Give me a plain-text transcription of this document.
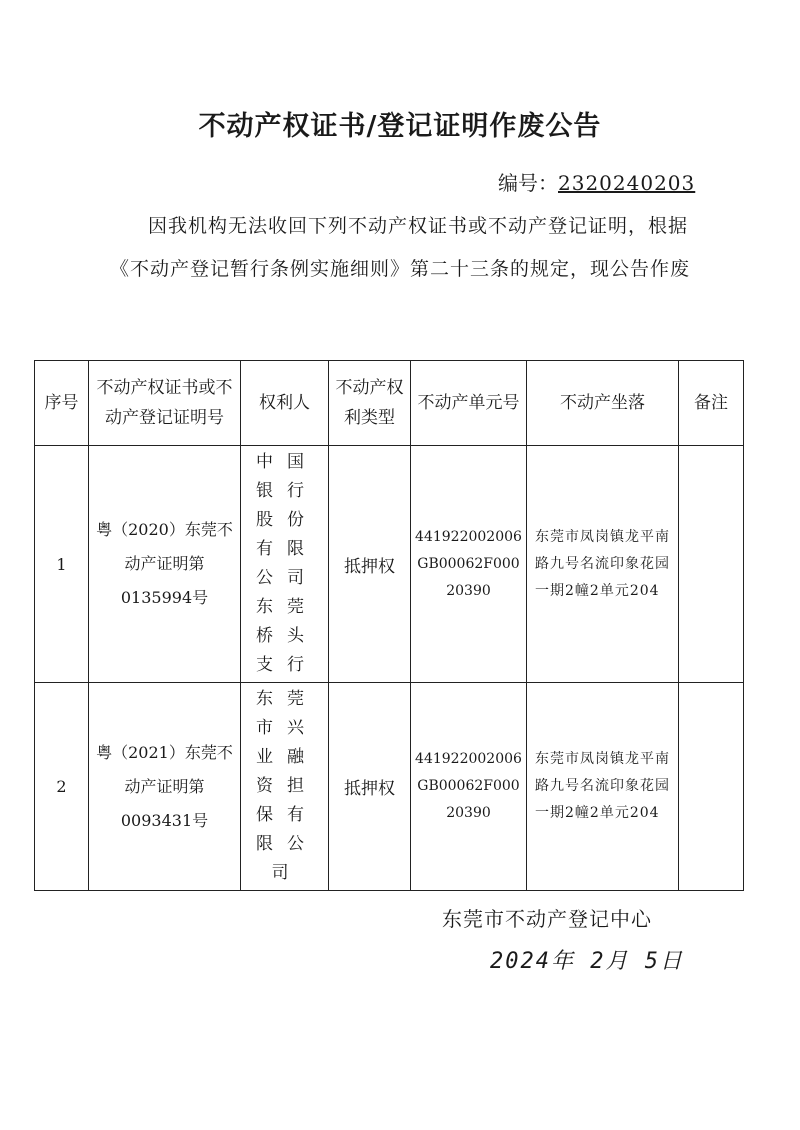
不动产权证书/登记证明作废公告
编号：2320240203
因我机构无法收回下列不动产权证书或不动产登记证明，根据《不动产登记暂行条例实施细则》第二十三条的规定，现公告作废
序号	不动产权证书或不动产登记证明号	权利人	不动产权利类型	不动产单元号	不动产坐落	备注
1	粤（2020）东莞不动产证明第0135994号	中国银行股份有限公司东莞桥头支行	抵押权	441922002006GB00062F00020390	东莞市凤岗镇龙平南路九号名流印象花园一期2幢2单元204	
2	粤（2021）东莞不动产证明第0093431号	东莞市兴业融资担保有限公司	抵押权	441922002006GB00062F00020390	东莞市凤岗镇龙平南路九号名流印象花园一期2幢2单元204	
东莞市不动产登记中心
2024年 2月 5日
